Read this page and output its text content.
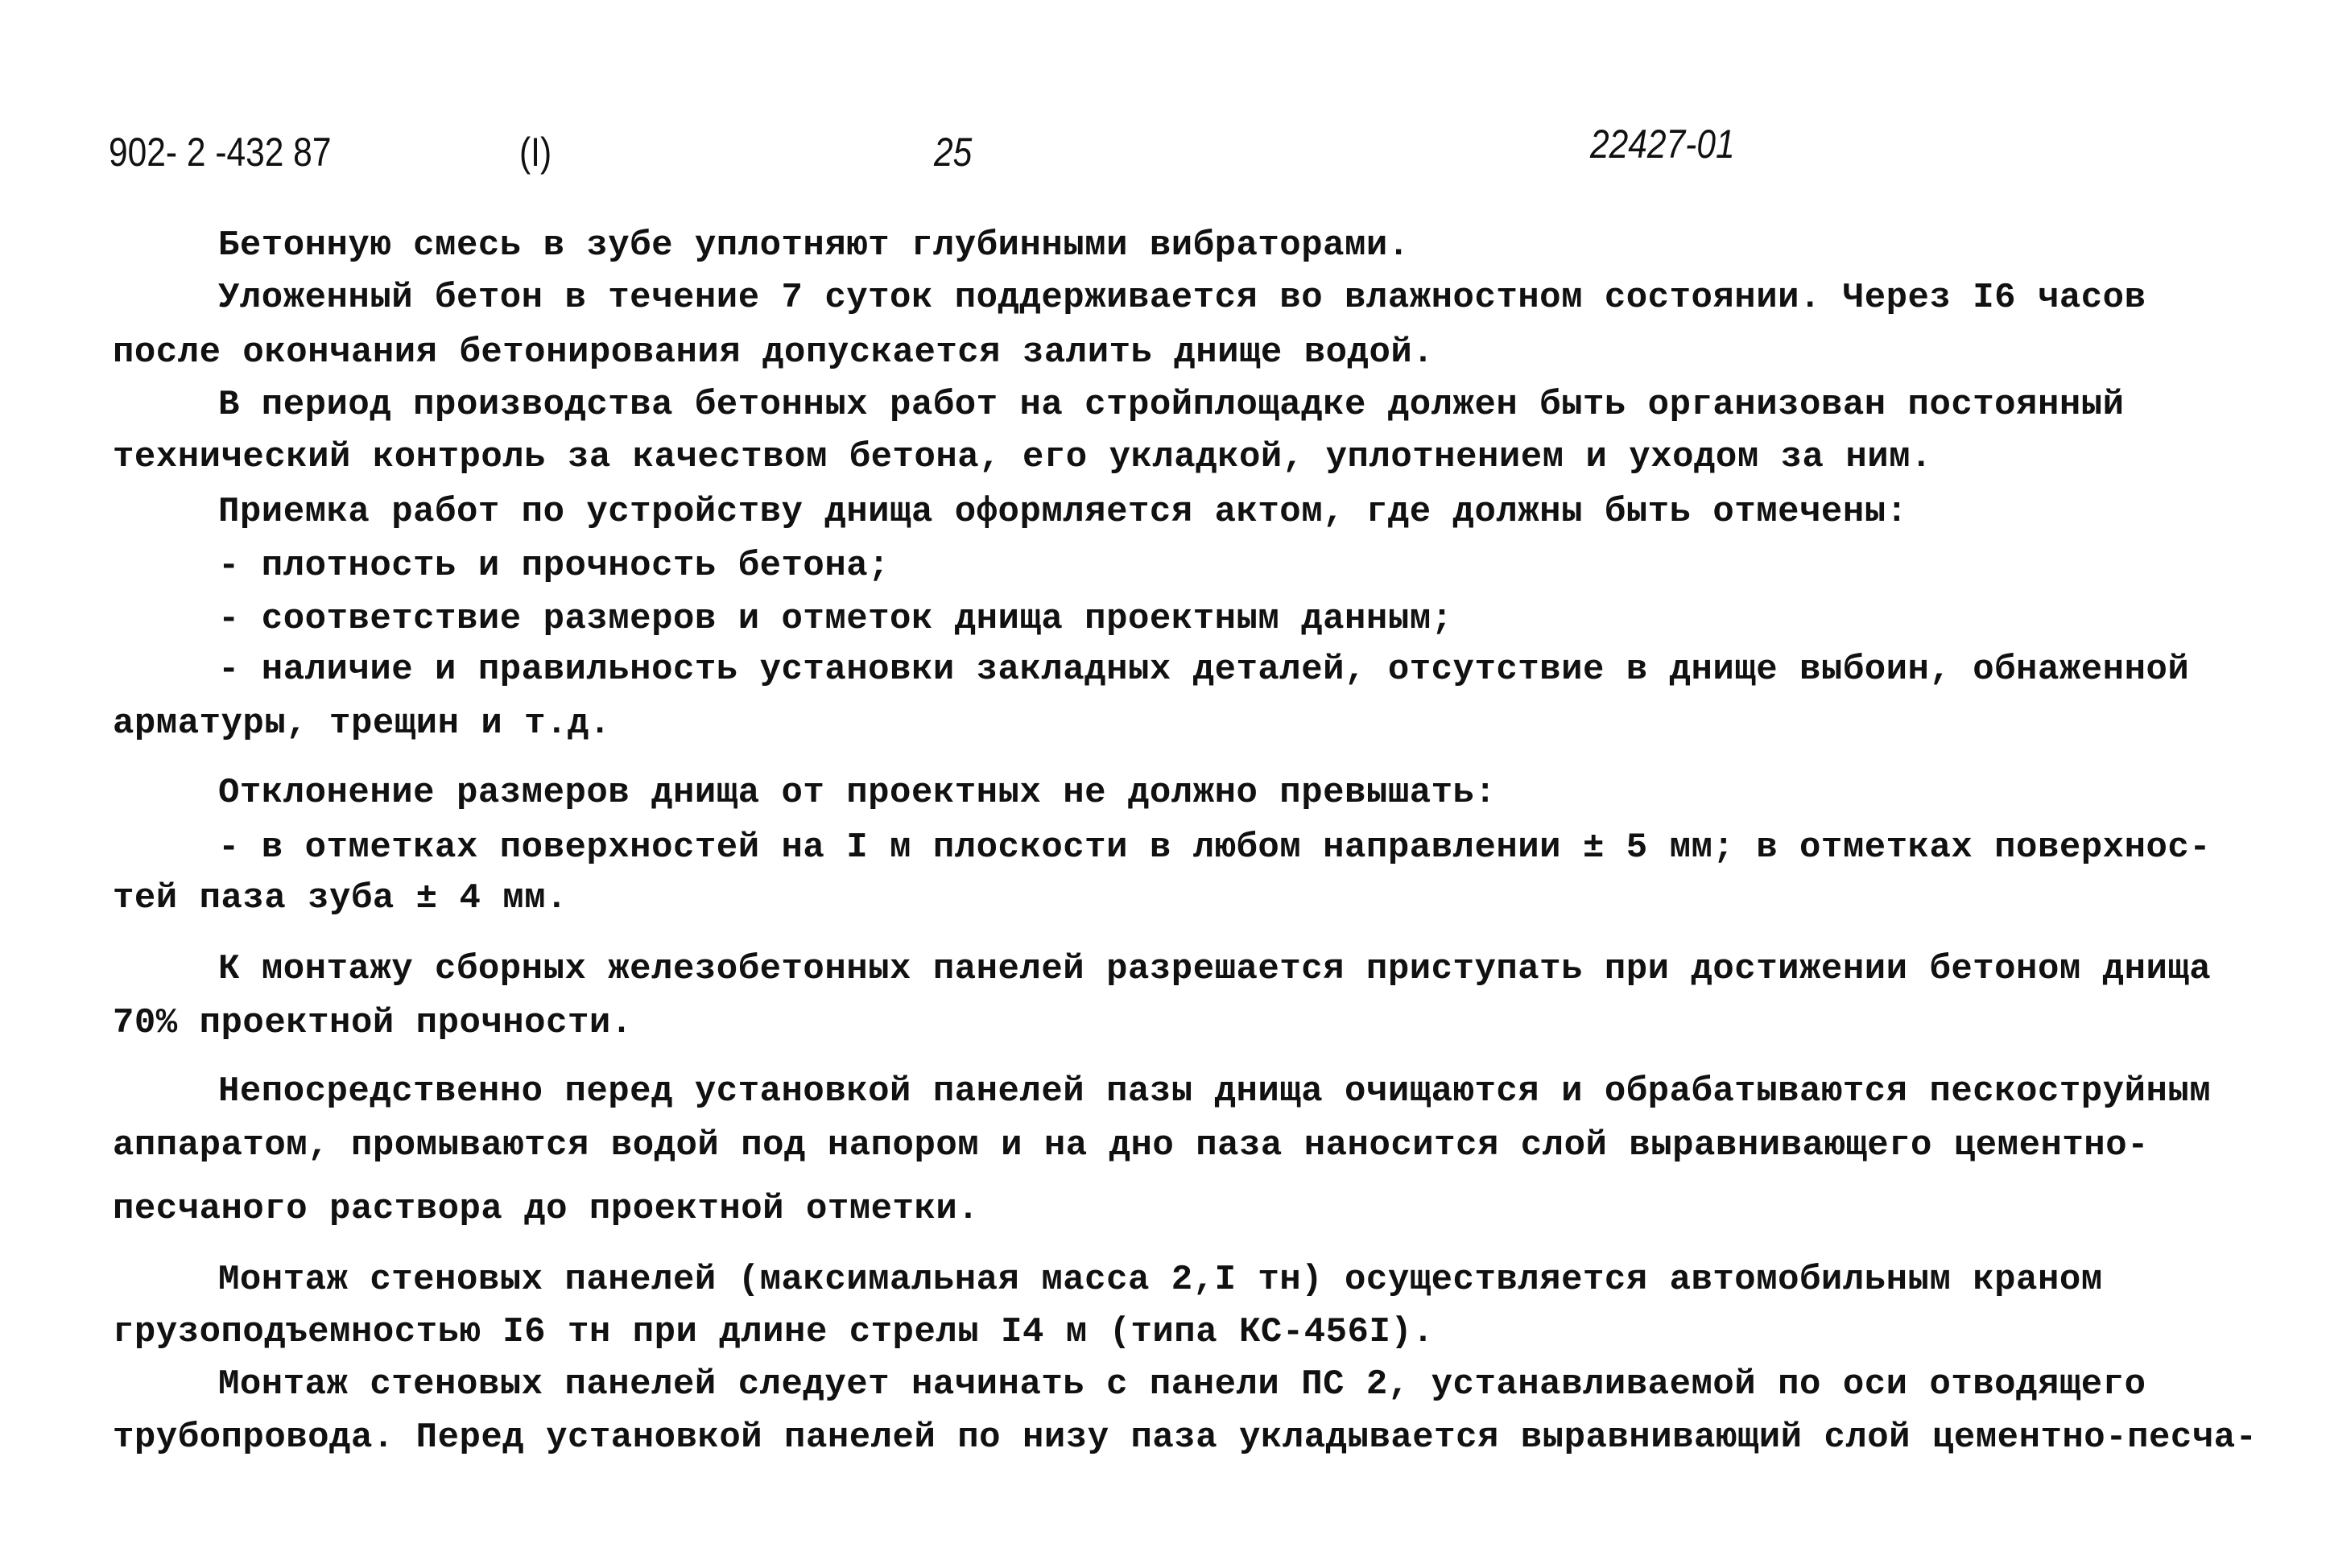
902- 2 -432 87	(I)	25	22427-01
Бетонную смесь в зубе уплотняют глубинными вибраторами.
Уложенный бетон в течение 7 суток поддерживается во влажностном состоянии. Через I6 часов
после окончания бетонирования допускается залить днище водой.
В период производства бетонных работ на стройплощадке должен быть организован постоянный
технический контроль за качеством бетона, его укладкой, уплотнением и уходом за ним.
Приемка работ по устройству днища оформляется актом, где должны быть отмечены:
- плотность и прочность бетона;
- соответствие размеров и отметок днища проектным данным;
- наличие и правильность установки закладных деталей, отсутствие в днище выбоин, обнаженной
арматуры, трещин и т.д.
Отклонение размеров днища от проектных не должно превышать:
- в отметках поверхностей на I м плоскости в любом направлении ± 5 мм; в отметках поверхнос-
тей паза зуба ± 4 мм.
К монтажу сборных железобетонных панелей разрешается приступать при достижении бетоном днища
70% проектной прочности.
Непосредственно перед установкой панелей пазы днища очищаются и обрабатываются пескоструйным
аппаратом, промываются водой под напором и на дно паза наносится слой выравнивающего цементно-
песчаного раствора до проектной отметки.
Монтаж стеновых панелей (максимальная масса 2,I тн) осуществляется автомобильным краном
грузоподъемностью I6 тн при длине стрелы I4 м (типа КС-456I).
Монтаж стеновых панелей следует начинать с панели ПС 2, устанавливаемой по оси отводящего
трубопровода. Перед установкой панелей по низу паза укладывается выравнивающий слой цементно-песча-
